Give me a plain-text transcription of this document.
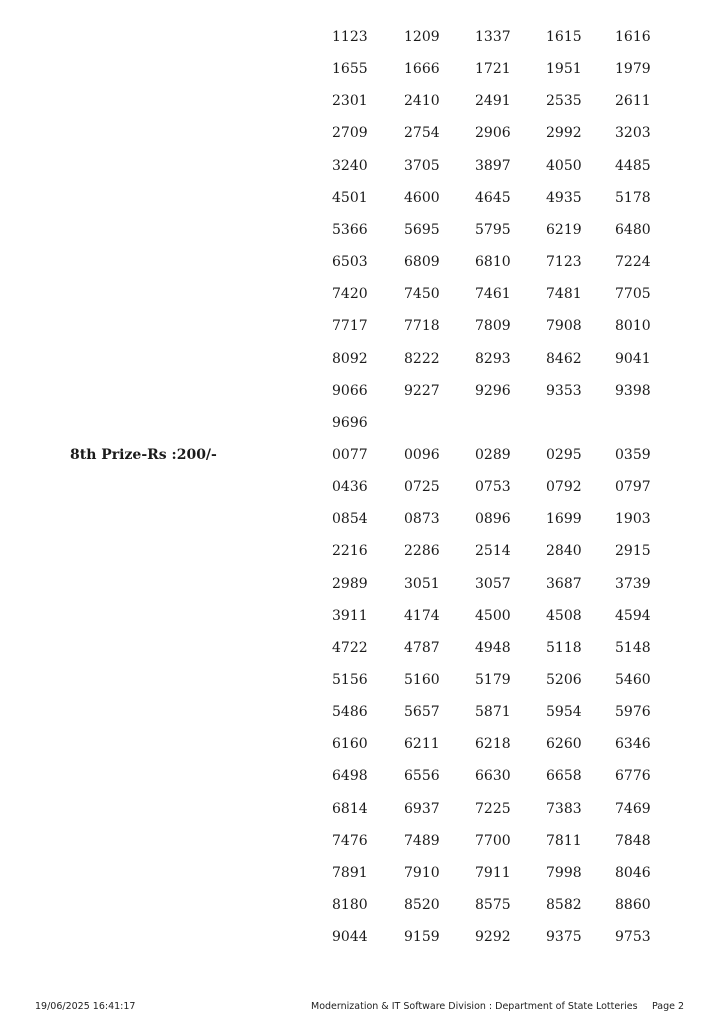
1123	1209	1337	1615 1616
1655	1666	1721	1951 1979
2301	2410	2491	2535 2611
2709	2754	2906	2992 3203
3240	3705	3897	4050 4485
4501	4600	4645	4935 5178
5366	5695	5795	6219 6480
6503	6809	6810	7123 7224
7420	7450	7461	7481 7705
7717	7718	7809	7908 8010
8092	8222	8293	8462 9041
9066	9227	9296	9353 9398
9696
8th Prize-Rs :200/-	0077	0096	0289	0295 0359
0436	0725	0753	0792 0797
0854	0873	0896	1699 1903
2216	2286	2514	2840 2915
2989	3051	3057	3687 3739
3911	4174	4500	4508 4594
4722	4787	4948	5118 5148
5156	5160	5179	5206 5460
5486	5657	5871	5954 5976
6160	6211	6218	6260 6346
6498	6556	6630	6658 6776
6814	6937	7225	7383 7469
7476	7489	7700	7811 7848
7891	7910	7911	7998 8046
8180	8520	8575	8582 8860
9044	9159	9292	9375 9753
19/06/2025 16:41:17	Modernization & IT Software Division : Department of State Lotteries Page 2
